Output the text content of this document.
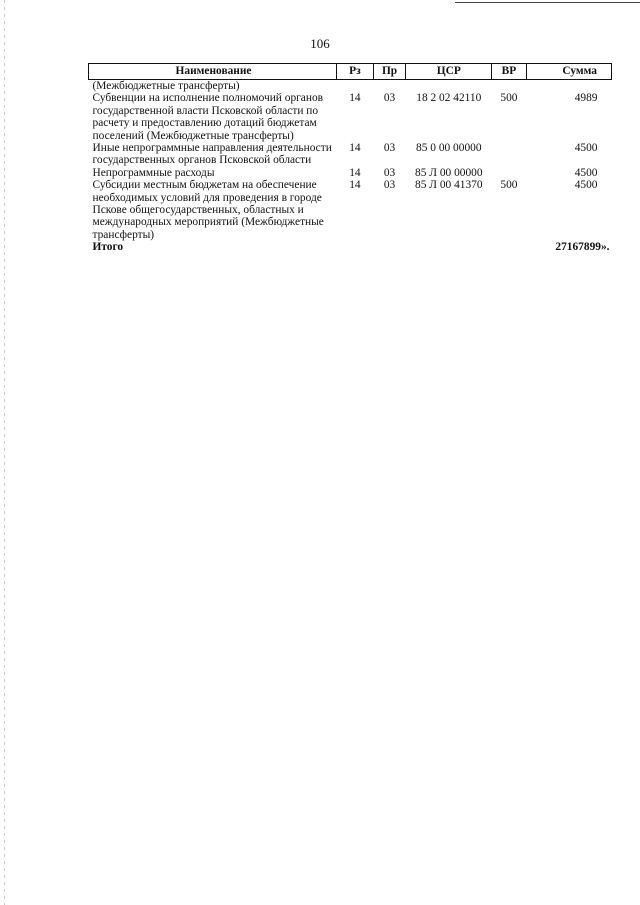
106
Наименование	Рз	Пр	ЦСР	ВР	Сумма
(Межбюджетные трансферты)					
Субвенции на исполнение полномочий органов государственной власти Псковской области по расчету и предоставлению дотаций бюджетам поселений (Межбюджетные трансферты)	14	03	18 2 02 42110	500	4989
Иные непрограммные направления деятельности государственных органов Псковской области	14	03	85 0 00 00000		4500
Непрограммные расходы	14	03	85 Л 00 00000		4500
Субсидии местным бюджетам на обеспечение необходимых условий для проведения в городе Пскове общегосударственных, областных и международных мероприятий (Межбюджетные трансферты)	14	03	85 Л 00 41370	500	4500
Итого					27167899».
